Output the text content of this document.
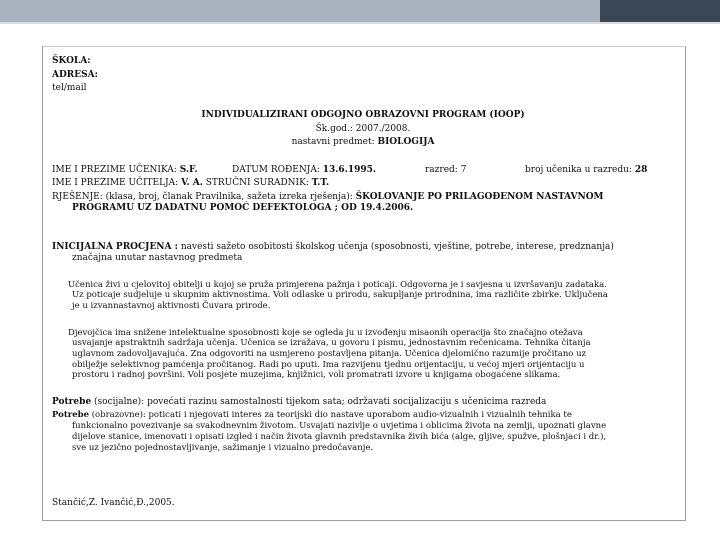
ŠKOLA:
ADRESA:
tel/mail
INDIVIDUALIZIRANI ODGOJNO OBRAZOVNI PROGRAM (IOOP)
Šk.god.: 2007./2008.
nastavni predmet: BIOLOGIJA
IME I PREZIME UČENIKA: S.F.	DATUM ROĐENJA: 13.6.1995.	razred: 7	broj učenika u razredu: 28
IME I PREZIME UČITELJA: V. A. STRUČNI SURADNIK: T.T.
RJEŠENJE: (klasa, broj, članak Pravilnika, sažeta izreka rješenja): ŠKOLOVANJE PO PRILAGOĐENOM NASTAVNOM
PROGRAMU UZ DADATNU POMOĆ DEFEKTOLOGA ; OD 19.4.2006.
INICIJALNA PROCJENA : navesti sažeto osobitosti školskog učenja (sposobnosti, vještine, potrebe, interese, predznanja)
značajna unutar nastavnog predmeta
Učenica živi u cjelovitoj obitelji u kojoj se pruža primjerena pažnja i poticaji. Odgovorna je i savjesna u izvršavanju zadataka.
Uz poticaje sudjeluje u skupnim aktivnostima. Voli odlaske u prirodu, sakupljanje prirodnina, ima različite zbirke. Uključena
je u izvannastavnoj aktivnosti Čuvara prirode.
Djevojčica ima snižene intelektualne sposobnosti koje se ogleda ju u izvođenju misaonih operacija što značajno otežava
usvajanje apstraktnih sadržaja učenja. Učenica se izražava, u govoru i pismu, jednostavnim rečenicama. Tehnika čitanja
uglavnom zadovoljavajuća. Zna odgovoriti na usmjereno postavljena pitanja. Učenica djelomično razumije pročitano uz
obilježje selektivnog pamćenja pročitanog. Radi po uputi. Ima razvijenu tjednu orijentaciju, u većoj mjeri orijentaciju u
prostoru i radnoj površini. Voli posjete muzejima, knjižnici, voli promatrati izvore u knjigama obogaćene slikama.
Potrebe (socijalne): povećati razinu samostalnosti tijekom sata; održavati socijalizaciju s učenicima razreda
Potrebe (obrazovne): poticati i njegovati interes za teorijski dio nastave uporabom audio-vizualnih i vizualnih tehnika te
funkcionalno povezivanje sa svakodnevnim životom. Usvajati nazivlje o uvjetima i oblicima života na zemlji, upoznati glavne
dijelove stanice, imenovati i opisati izgled i način života glavnih predstavnika živih bića (alge, gljive, spužve, plošnjaci i dr.),
sve uz jezično pojednostavljivanje, sažimanje i vizualno predočavanje.
Stančić,Z. Ivančić,Đ.,2005.
